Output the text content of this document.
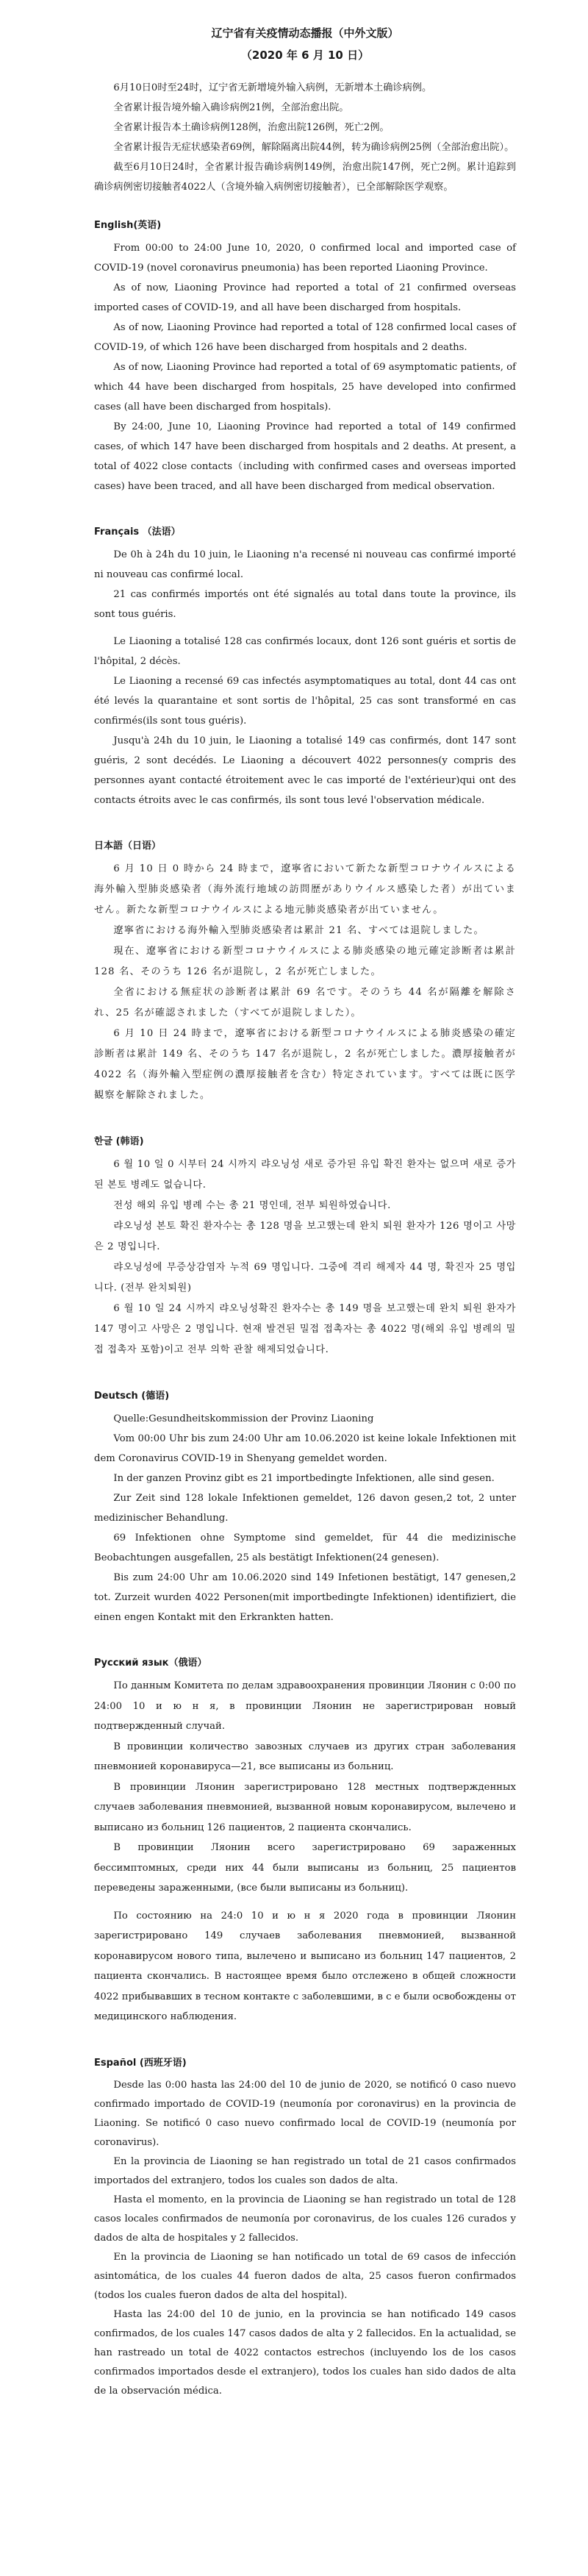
辽宁省有关疫情动态播报（中外文版）
（2020 年 6 月 10 日）

6月10日0时至24时，辽宁省无新增境外输入病例，无新增本土确诊病例。

全省累计报告境外输入确诊病例21例，全部治愈出院。

全省累计报告本土确诊病例128例，治愈出院126例，死亡2例。

全省累计报告无症状感染者69例，解除隔离出院44例，转为确诊病例25例（全部治愈出院）。

截至6月10日24时，全省累计报告确诊病例149例，治愈出院147例，死亡2例。累计追踪到确诊病例密切接触者4022人（含境外输入病例密切接触者），已全部解除医学观察。

English(英语)

From 00:00 to 24:00 June 10, 2020, 0 confirmed local and imported case of COVID-19 (novel coronavirus pneumonia) has been reported Liaoning Province.

As of now, Liaoning Province had reported a total of 21 confirmed overseas imported cases of COVID-19, and all have been discharged from hospitals.

As of now, Liaoning Province had reported a total of 128 confirmed local cases of COVID-19, of which 126 have been discharged from hospitals and 2 deaths.

As of now, Liaoning Province had reported a total of 69 asymptomatic patients, of which 44 have been discharged from hospitals, 25 have developed into confirmed cases (all have been discharged from hospitals).

By 24:00, June 10, Liaoning Province had reported a total of 149 confirmed cases, of which 147 have been discharged from hospitals and 2 deaths. At present, a total of 4022 close contacts（including with confirmed cases and overseas imported cases) have been traced, and all have been discharged from medical observation.

Français （法语）

De 0h à 24h du 10 juin, le Liaoning n'a recensé ni nouveau cas confirmé importé ni nouveau cas confirmé local.

21 cas confirmés importés ont été signalés au total dans toute la province, ils sont tous guéris.

Le Liaoning a totalisé 128 cas confirmés locaux, dont 126 sont guéris et sortis de l'hôpital, 2 décès.

Le Liaoning a recensé 69 cas infectés asymptomatiques au total, dont 44 cas ont été levés la quarantaine et sont sortis de l'hôpital, 25 cas sont transformé en cas confirmés(ils sont tous guéris).

Jusqu'à 24h du 10 juin, le Liaoning a totalisé 149 cas confirmés, dont 147 sont guéris, 2 sont decédés. Le Liaoning a découvert 4022 personnes(y compris des personnes ayant contacté étroitement avec le cas importé de l'extérieur)qui ont des contacts étroits avec le cas confirmés, ils sont tous levé l'observation médicale.

日本語（日语）

6 月 10 日 0 時から 24 時まで，遼寧省において新たな新型コロナウイルスによる海外輸入型肺炎感染者（海外流行地域の訪問歴がありウイルス感染した者）が出ていません。新たな新型コロナウイルスによる地元肺炎感染者が出ていません。

遼寧省における海外輸入型肺炎感染者は累計 21 名、すべては退院しました。

現在、遼寧省における新型コロナウイルスによる肺炎感染の地元確定診断者は累計 128 名、そのうち 126 名が退院し，2 名が死亡しました。

全省における無症状の診断者は累計 69 名です。そのうち 44 名が隔離を解除され、25 名が確認されました（すべてが退院しました）。

6 月 10 日 24 時まで，遼寧省における新型コロナウイルスによる肺炎感染の確定診断者は累計 149 名、そのうち 147 名が退院し，2 名が死亡しました。濃厚接触者が 4022 名（海外輸入型症例の濃厚接触者を含む）特定されています。すべては既に医学観察を解除されました。

한글 (韩语)

6 월 10 일 0 시부터 24 시까지 랴오닝성 새로 증가된 유입 확진 환자는 없으며 새로 증가된 본토 병례도 없습니다.

전성 해외 유입 병례 수는 총 21 명인데, 전부 퇴원하였습니다.

랴오닝성 본토 확진 환자수는 총 128 명을 보고했는데 완치 퇴원 환자가 126 명이고 사망은 2 명입니다.

랴오닝성에 무증상감염자 누적 69 명입니다. 그중에 격리 해제자 44 명, 확진자 25 명입니다. (전부 완치퇴원)

6 월 10 일 24 시까지 랴오닝성확진 환자수는 총 149 명을 보고했는데 완치 퇴원 환자가 147 명이고 사망은 2 명입니다. 현재 발견된 밀접 접촉자는 총 4022 명(해외 유입 병례의 밀접 접촉자 포함)이고 전부 의학 관찰 해제되었습니다.

Deutsch (德语)

Quelle:Gesundheitskommission der Provinz Liaoning

Vom 00:00 Uhr bis zum 24:00 Uhr am 10.06.2020 ist keine lokale Infektionen mit dem Coronavirus COVID-19 in Shenyang gemeldet worden.

In der ganzen Provinz gibt es 21 importbedingte Infektionen, alle sind gesen.

Zur Zeit sind 128 lokale Infektionen gemeldet, 126 davon gesen,2 tot, 2 unter medizinischer Behandlung.

69 Infektionen ohne Symptome sind gemeldet, für 44 die medizinische Beobachtungen ausgefallen, 25 als bestätigt Infektionen(24 genesen).

Bis zum 24:00 Uhr am 10.06.2020 sind 149 Infetionen bestätigt, 147 genesen,2 tot. Zurzeit wurden 4022 Personen(mit importbedingte Infektionen) identifiziert, die einen engen Kontakt mit den Erkrankten hatten.

Русский язык（俄语）

По данным Комитета по делам здравоохранения провинции Ляонин с 0:00 по 24:00 10 и ю н я, в провинции Ляонин не зарегистрирован новый подтвержденный случай.

В провинции количество завозных случаев из других стран заболевания пневмонией коронавируса—21, все выписаны из больниц.

В провинции Ляонин зарегистрировано 128 местных подтвержденных случаев заболевания пневмонией, вызванной новым коронавирусом, вылечено и выписано из больниц 126 пациентов, 2 пациента скончались.

В провинции Ляонин всего зарегистрировано 69 зараженных бессимптомных, среди них 44 были выписаны из больниц, 25 пациентов переведены зараженными, (все были выписаны из больниц).

По состоянию на 24:0 10 и ю н я 2020 года в провинции Ляонин зарегистрировано 149 случаев заболевания пневмонией, вызванной коронавирусом нового типа, вылечено и выписано из больниц 147 пациентов, 2 пациента скончались. В настоящее время было отслежено в общей сложности 4022 прибывавших в тесном контакте с заболевшими, в с е были освобождены от медицинского наблюдения.

Español (西班牙语)

Desde las 0:00 hasta las 24:00 del 10 de junio de 2020, se notificó 0 caso nuevo confirmado importado de COVID-19 (neumonía por coronavirus) en la provincia de Liaoning. Se notificó 0 caso nuevo confirmado local de COVID-19 (neumonía por coronavirus).

En la provincia de Liaoning se han registrado un total de 21 casos confirmados importados del extranjero, todos los cuales son dados de alta.

Hasta el momento, en la provincia de Liaoning se han registrado un total de 128 casos locales confirmados de neumonía por coronavirus, de los cuales 126 curados y dados de alta de hospitales y 2 fallecidos.

En la provincia de Liaoning se han notificado un total de 69 casos de infección asintomática, de los cuales 44 fueron dados de alta, 25 casos fueron confirmados (todos los cuales fueron dados de alta del hospital).

Hasta las 24:00 del 10 de junio, en la provincia se han notificado 149 casos confirmados, de los cuales 147 casos dados de alta y 2 fallecidos. En la actualidad, se han rastreado un total de 4022 contactos estrechos (incluyendo los de los casos confirmados importados desde el extranjero), todos los cuales han sido dados de alta de la observación médica.
